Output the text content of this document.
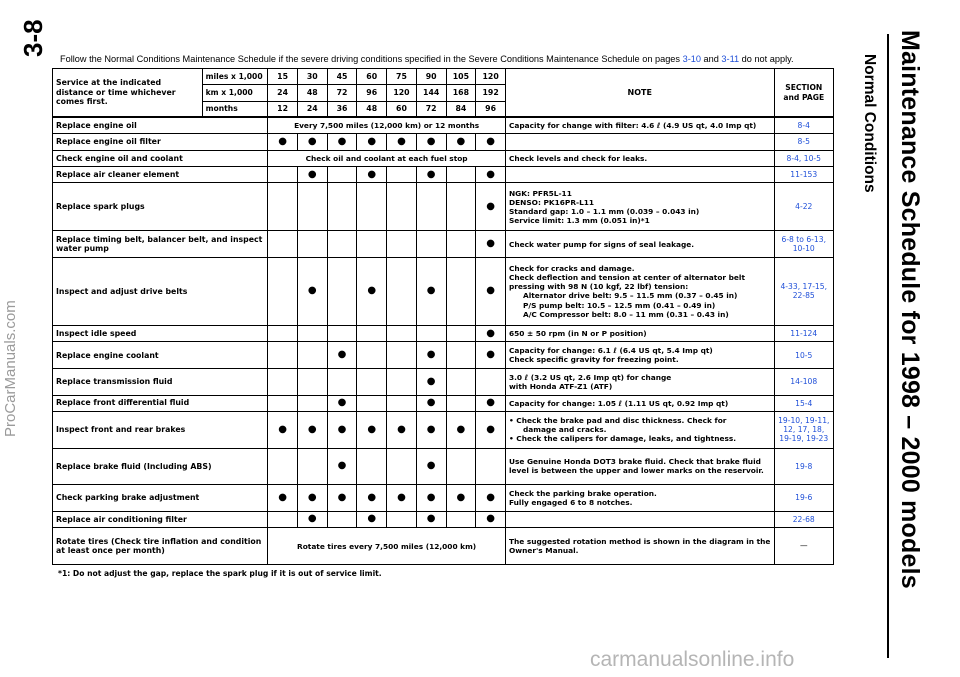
3-8
Follow the Normal Conditions Maintenance Schedule if the severe driving conditions specified in the Severe Conditions Maintenance Schedule on pages 3-10 and 3-11 do not apply.	Maintenance Schedule for 1998 – 2000 models
Normal Conditions
Service at the indicated distance or time whichever comes first.	miles x 1,000	15	30	45	60	75	90	105	120	NOTE	SECTION and PAGE
	km x 1,000	24	48	72	96	120	144	168	192		
	months	12	24	36	48	60	72	84	96		
Replace engine oil		Every 7,500 miles (12,000 km) or 12 months								Capacity for change with filter: 4.6 ℓ (4.9 US qt, 4.0 Imp qt)	8-4
Replace engine oil filter		●	●	●	●	●	●	●	●		8-5
Check engine oil and coolant		Check oil and coolant at each fuel stop								Check levels and check for leaks.	8-4, 10-5
Replace air cleaner element			●		●		●		●		11-153
Replace spark plugs									●	NGK: PFR5L-11
DENSO: PK16PR-L11
Standard gap: 1.0 – 1.1 mm (0.039 – 0.043 in)
Service limit: 1.3 mm (0.051 in)*1	4-22
Replace timing belt, balancer belt, and inspect water pump									●	Check water pump for signs of seal leakage.	6-8 to 6-13, 10-10
Inspect and adjust drive belts			●		●		●		●	Check for cracks and damage.
Check deflection and tension at center of alternator belt pressing with 98 N (10 kgf, 22 lbf) tension:
Alternator drive belt: 9.5 – 11.5 mm (0.37 – 0.45 in)
P/S pump belt: 10.5 – 12.5 mm (0.41 – 0.49 in)
A/C Compressor belt: 8.0 – 11 mm (0.31 – 0.43 in)	4-33, 17-15, 22-85
Inspect idle speed									●	650 ± 50 rpm (in N or P position)	11-124
Replace engine coolant				●			●		●	Capacity for change: 6.1 ℓ (6.4 US qt, 5.4 Imp qt)
Check specific gravity for freezing point.	10-5
Replace transmission fluid							●			3.0 ℓ (3.2 US qt, 2.6 Imp qt) for change
with Honda ATF-Z1 (ATF)	14-108
Replace front differential fluid				●			●		●	Capacity for change: 1.05 ℓ (1.11 US qt, 0.92 Imp qt)	15-4
Inspect front and rear brakes		●	●	●	●	●	●	●	●	• Check the brake pad and disc thickness. Check for
damage and cracks.
• Check the calipers for damage, leaks, and tightness.	19-10, 19-11, 12, 17, 18, 19-19, 19-23
Replace brake fluid (Including ABS)				●			●			Use Genuine Honda DOT3 brake fluid. Check that brake fluid level is between the upper and lower marks on the reservoir.	19-8
Check parking brake adjustment		●	●	●	●	●	●	●	●	Check the parking brake operation.
Fully engaged 6 to 8 notches.	19-6
Replace air conditioning filter			●		●		●		●		22-68
Rotate tires (Check tire inflation and condition at least once per month)		Rotate tires every 7,500 miles (12,000 km)								The suggested rotation method is shown in the diagram in the Owner's Manual.	—
*1: Do not adjust the gap, replace the spark plug if it is out of service limit.
ProCarManuals.com
carmanualsonline.info
